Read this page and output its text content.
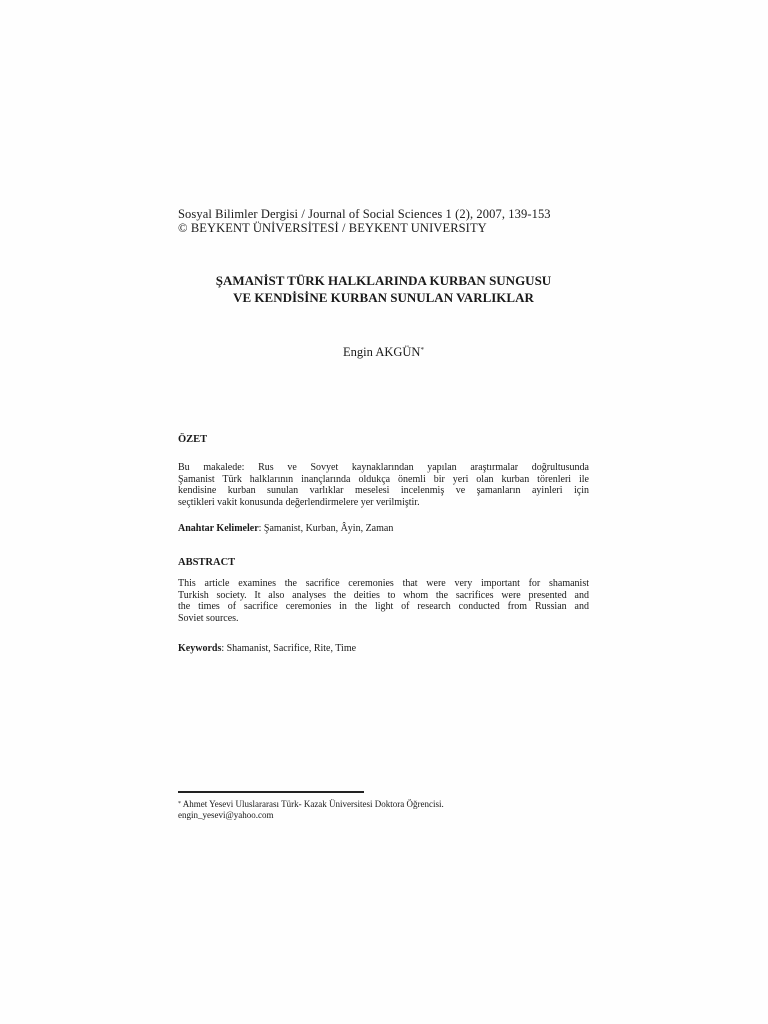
Sosyal Bilimler Dergisi / Journal of Social Sciences 1 (2), 2007, 139-153
© BEYKENT ÜNİVERSİTESİ / BEYKENT UNIVERSITY
ŞAMANİST TÜRK HALKLARINDA KURBAN SUNGUSU
VE KENDİSİNE KURBAN SUNULAN VARLIKLAR
Engin AKGÜN*
ÖZET
Bu makalede: Rus ve Sovyet kaynaklarından yapılan araştırmalar doğrultusunda
Şamanist Türk halklarının inançlarında oldukça önemli bir yeri olan kurban törenleri ile
kendisine kurban sunulan varlıklar meselesi incelenmiş ve şamanların ayinleri için
seçtikleri vakit konusunda değerlendirmelere yer verilmiştir.
Anahtar Kelimeler: Şamanist, Kurban, Âyin, Zaman
ABSTRACT
This article examines the sacrifice ceremonies that were very important for shamanist
Turkish society. It also analyses the deities to whom the sacrifices were presented and
the times of sacrifice ceremonies in the light of research conducted from Russian and
Soviet sources.
Keywords: Shamanist, Sacrifice, Rite, Time
* Ahmet Yesevi Uluslararası Türk- Kazak Üniversitesi Doktora Öğrencisi.
engin_yesevi@yahoo.com
